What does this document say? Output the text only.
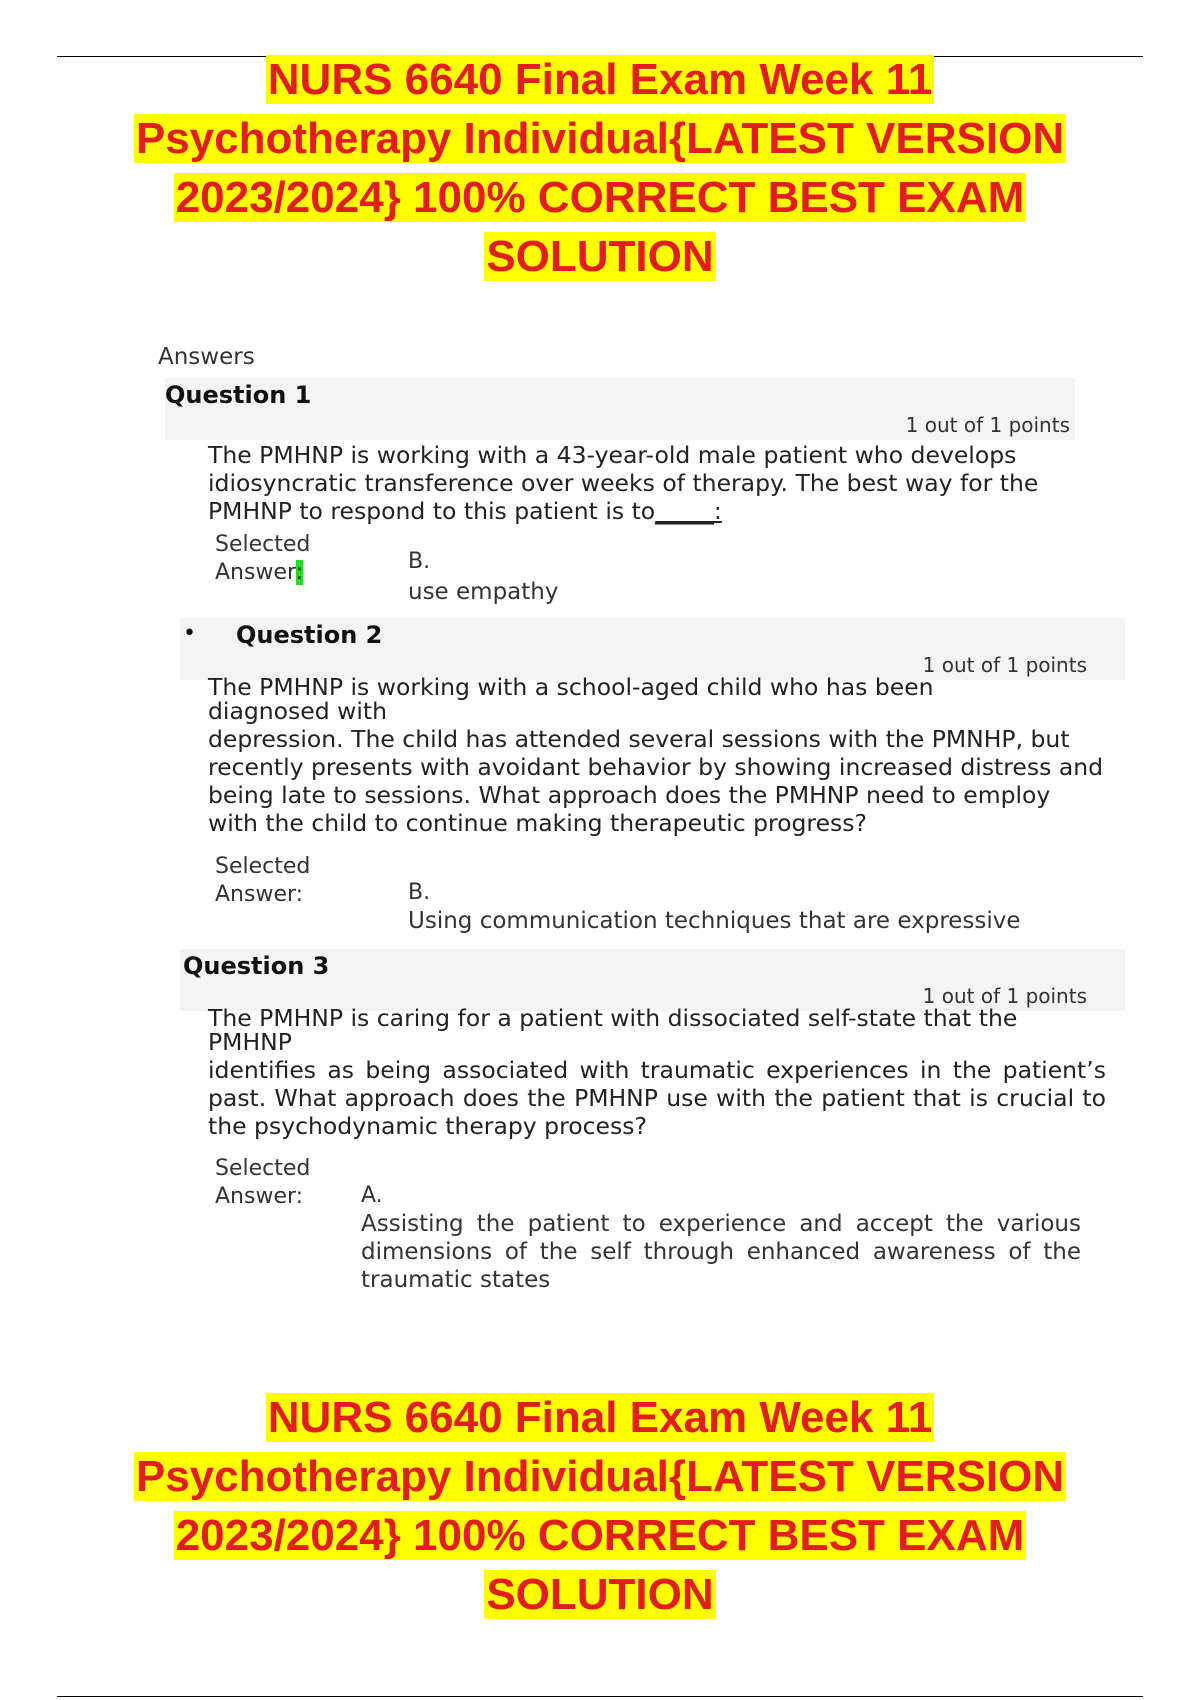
NURS 6640 Final Exam Week 11
Psychotherapy Individual{LATEST VERSION
2023/2024} 100% CORRECT BEST EXAM
SOLUTION
Answers
Question 1
1 out of 1 points

The PMHNP is working with a 43-year-old male patient who develops idiosyncratic transference over weeks of therapy. The best way for the PMHNP to respond to this patient is to_____:

Selected
Answer:	B.
use empathy
• Question 2
1 out of 1 points

The PMHNP is working with a school-aged child who has been diagnosed with

depression. The child has attended several sessions with the PMNHP, but recently presents with avoidant behavior by showing increased distress and being late to sessions. What approach does the PMHNP need to employ with the child to continue making therapeutic progress?

Selected
Answer:	B.
Using communication techniques that are expressive
Question 3
1 out of 1 points

The PMHNP is caring for a patient with dissociated self-state that the PMHNP

identifies as being associated with traumatic experiences in the patient’s past. What approach does the PMHNP use with the patient that is crucial to the psychodynamic therapy process?

Selected
Answer:	A.
Assisting the patient to experience and accept the various dimensions of the self through enhanced awareness of the traumatic states
NURS 6640 Final Exam Week 11
Psychotherapy Individual{LATEST VERSION
2023/2024} 100% CORRECT BEST EXAM
SOLUTION
